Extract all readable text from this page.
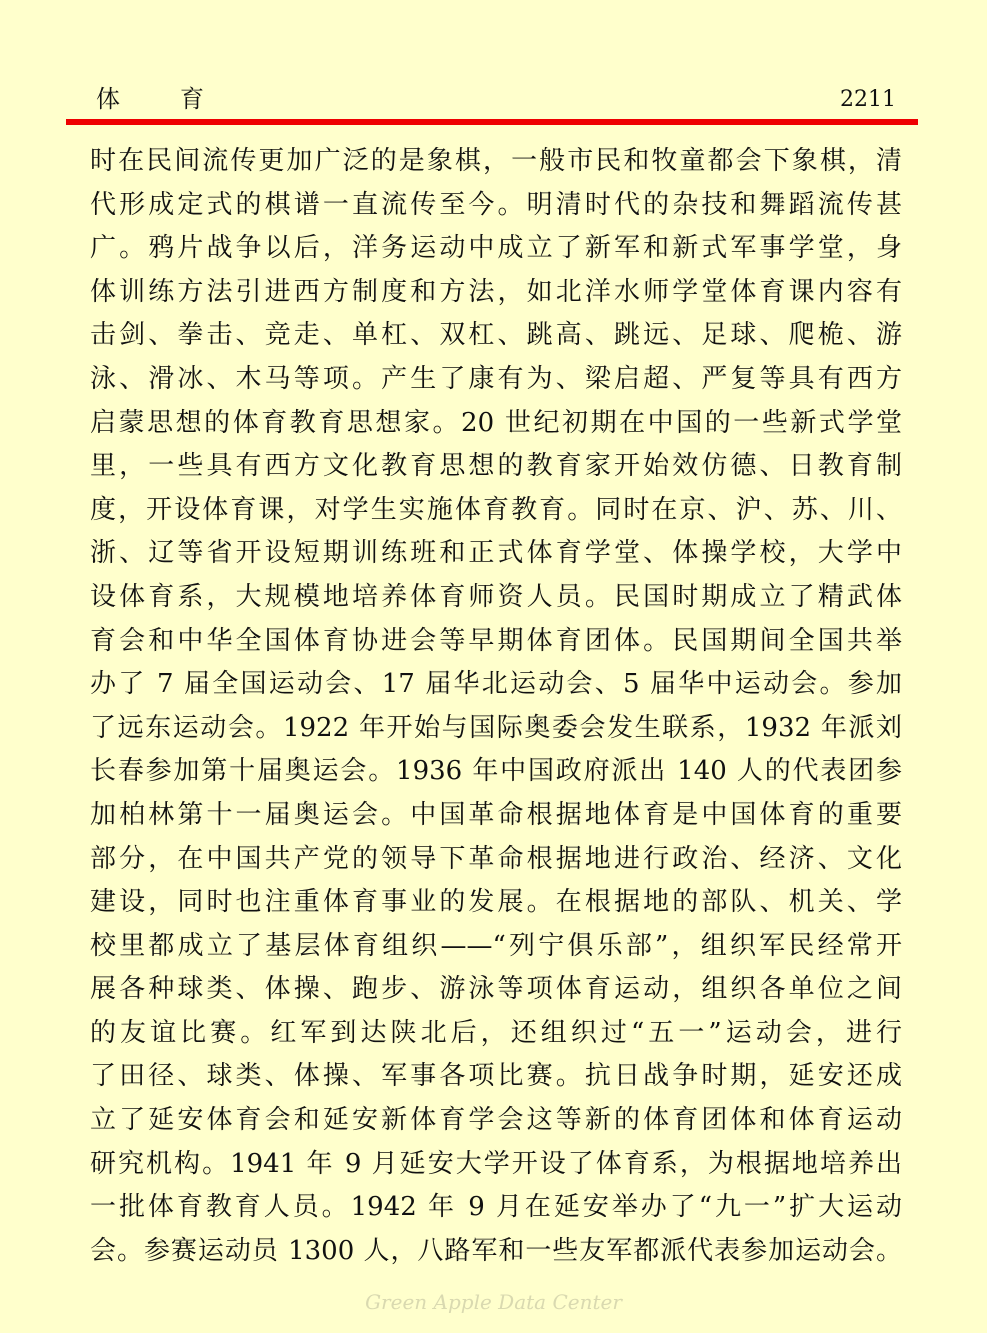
体育	2211
时在民间流传更加广泛的是象棋，一般市民和牧童都会下象棋，清
代形成定式的棋谱一直流传至今。明清时代的杂技和舞蹈流传甚
广。鸦片战争以后，洋务运动中成立了新军和新式军事学堂，身
体训练方法引进西方制度和方法，如北洋水师学堂体育课内容有
击剑、拳击、竞走、单杠、双杠、跳高、跳远、足球、爬桅、游
泳、滑冰、木马等项。产生了康有为、梁启超、严复等具有西方
启蒙思想的体育教育思想家。20 世纪初期在中国的一些新式学堂
里，一些具有西方文化教育思想的教育家开始效仿德、日教育制
度，开设体育课，对学生实施体育教育。同时在京、沪、苏、川、
浙、辽等省开设短期训练班和正式体育学堂、体操学校，大学中
设体育系，大规模地培养体育师资人员。民国时期成立了精武体
育会和中华全国体育协进会等早期体育团体。民国期间全国共举
办了 7 届全国运动会、17 届华北运动会、5 届华中运动会。参加
了远东运动会。1922 年开始与国际奥委会发生联系，1932 年派刘
长春参加第十届奥运会。1936 年中国政府派出 140 人的代表团参
加柏林第十一届奥运会。中国革命根据地体育是中国体育的重要
部分，在中国共产党的领导下革命根据地进行政治、经济、文化
建设，同时也注重体育事业的发展。在根据地的部队、机关、学
校里都成立了基层体育组织——“列宁俱乐部”，组织军民经常开
展各种球类、体操、跑步、游泳等项体育运动，组织各单位之间
的友谊比赛。红军到达陕北后，还组织过“五一”运动会，进行
了田径、球类、体操、军事各项比赛。抗日战争时期，延安还成
立了延安体育会和延安新体育学会这等新的体育团体和体育运动
研究机构。1941 年 9 月延安大学开设了体育系，为根据地培养出
一批体育教育人员。1942 年 9 月在延安举办了“九一”扩大运动
会。参赛运动员 1300 人，八路军和一些友军都派代表参加运动会。
Green Apple Data Center
